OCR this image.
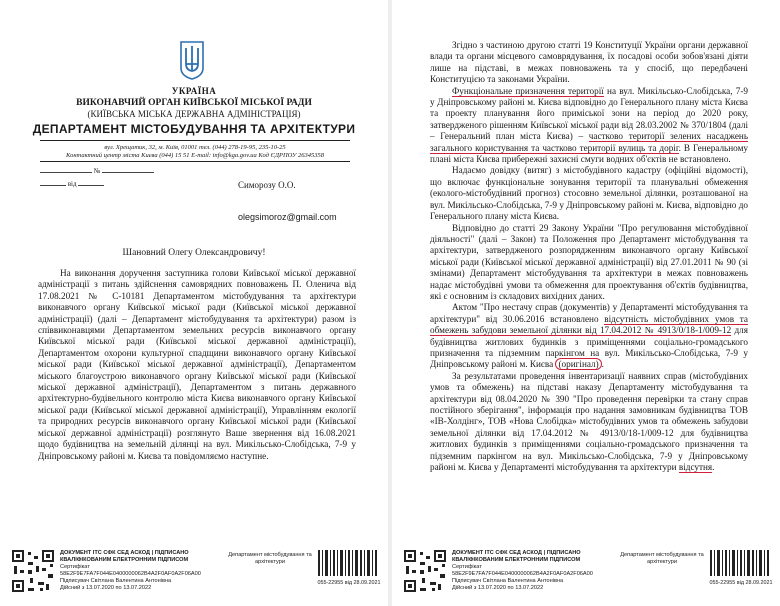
УКРАЇНА
ВИКОНАВЧИЙ ОРГАН КИЇВСЬКОЇ МІСЬКОЇ РАДИ
(КИЇВСЬКА МІСЬКА ДЕРЖАВНА АДМІНІСТРАЦІЯ)
ДЕПАРТАМЕНТ МІСТОБУДУВАННЯ ТА АРХІТЕКТУРИ
вул. Хрещатик, 32, м. Київ, 01001 тел. (044) 278-19-95, 235-10-25
Контактний центр міста Києва (044) 15 51 E-mail: info@kga.gov.ua Код ЄДРПОУ 26345358
№
від	Симорозу О.О.
olegsimoroz@gmail.com
Шановний Олегу Олександровичу!
На виконання доручення заступника голови Київської міської державної адміністрації з питань здійснення самоврядних повноважень П. Оленича від 17.08.2021 № С-10181 Департаментом містобудування та архітектури виконавчого органу Київської міської ради (Київської міської державної адміністрації) (далі – Департамент містобудування та архітектури) разом із співвиконавцями Департаментом земельних ресурсів виконавчого органу Київської міської ради (Київської міської державної адміністрації), Департаментом охорони культурної спадщини виконавчого органу Київської міської ради (Київської міської державної адміністрації), Департаментом міського благоустрою виконавчого органу Київської міської ради (Київської міської державної адміністрації), Департаментом з питань державного архітектурно-будівельного контролю міста Києва виконавчого органу Київської міської ради (Київської міської державної адміністрації), Управлінням екології та природних ресурсів виконавчого органу Київської міської ради (Київської міської державної адміністрації) розглянуто Ваше звернення від 16.08.2021 щодо будівництва на земельній ділянці на вул. Микільсько-Слобідська, 7-9 у Дніпровському районі м. Києва та повідомляємо наступне.
ДОКУМЕНТ ІТС СФК СЕД АСКОД | ПІДПИСАНО КВАЛІФІКОВАНИМ ЕЛЕКТРОННИМ ПІДПИСОМ
Сертифікат
58E2F9E7FA7F044E0400000062B4A2F0AF0A2F06A00
Підписувач Світлана Валентина Антонівна
Дійсний з 13.07.2020 по 13.07.2022
Департамент містобудування та архітектури
055-22955 від 28.09.2021

Згідно з частиною другою статті 19 Конституції України органи державної влади та органи місцевого самоврядування, їх посадові особи зобов'язані діяти лише на підставі, в межах повноважень та у спосіб, що передбачені Конституцією та законами України.

Функціональне призначення території на вул. Микільсько-Слобідська, 7-9 у Дніпровському районі м. Києва відповідно до Генерального плану міста Києва та проекту планування його приміської зони на період до 2020 року, затвердженого рішенням Київської міської ради від 28.03.2002 № 370/1804 (далі – Генеральний план міста Києва) – частково території зелених насаджень загального користування та частково території вулиць та доріг. В Генеральному плані міста Києва прибережні захисні смуги водних об'єктів не встановлено.

Надаємо довідку (витяг) з містобудівного кадастру (офіційні відомості), що включає функціональне зонування території та планувальні обмеження (еколого-містобудівний прогноз) стосовно земельної ділянки, розташованої на вул. Микільсько-Слобідська, 7-9 у Дніпровському районі м. Києва, відповідно до Генерального плану міста Києва.

Відповідно до статті 29 Закону України "Про регулювання містобудівної діяльності" (далі – Закон) та Положення про Департамент містобудування та архітектури, затвердженого розпорядженням виконавчого органу Київської міської ради (Київської міської державної адміністрації) від 27.01.2011 № 90 (зі змінами) Департамент містобудування та архітектури в межах повноважень надає містобудівні умови та обмеження для проектування об'єктів будівництва, які є основним із складових вихідних даних.

Актом "Про нестачу справ (документів) у Департаменті містобудування та архітектури" від 30.06.2016 встановлено відсутність містобудівних умов та обмежень забудови земельної ділянки від 17.04.2012 № 4913/0/18-1/009-12 для будівництва житлових будинків з приміщеннями соціально-громадського призначення та підземним паркінгом на вул. Микільсько-Слобідська, 7-9 у Дніпровському районі м. Києва (оригінал) .

За результатами проведення інвентаризації наявних справ (містобудівних умов та обмежень) на підставі наказу Департаменту містобудування та архітектури від 08.04.2020 № 390 "Про проведення перевірки та стану справ постійного зберігання", інформація про надання замовникам будівництва ТОВ «ІВ-Холдінг», ТОВ «Нова Слобідка» містобудівних умов та обмежень забудови земельної ділянки від 17.04.2012 № 4913/0/18-1/009-12 для будівництва житлових будинків з приміщеннями соціально-громадського призначення та підземним паркінгом на вул. Микільсько-Слобідська, 7-9 у Дніпровському районі м. Києва у Департаменті містобудування та архітектури відсутня.

ДОКУМЕНТ ІТС СФК СЕД АСКОД | ПІДПИСАНО КВАЛІФІКОВАНИМ ЕЛЕКТРОННИМ ПІДПИСОМ
Сертифікат
58E2F9E7FA7F044E0400000062B4A2F0AF0A2F06A00
Підписувач Світлана Валентина Антонівна
Дійсний з 13.07.2020 по 13.07.2022
Департамент містобудування та архітектури
055-22955 від 28.09.2021
